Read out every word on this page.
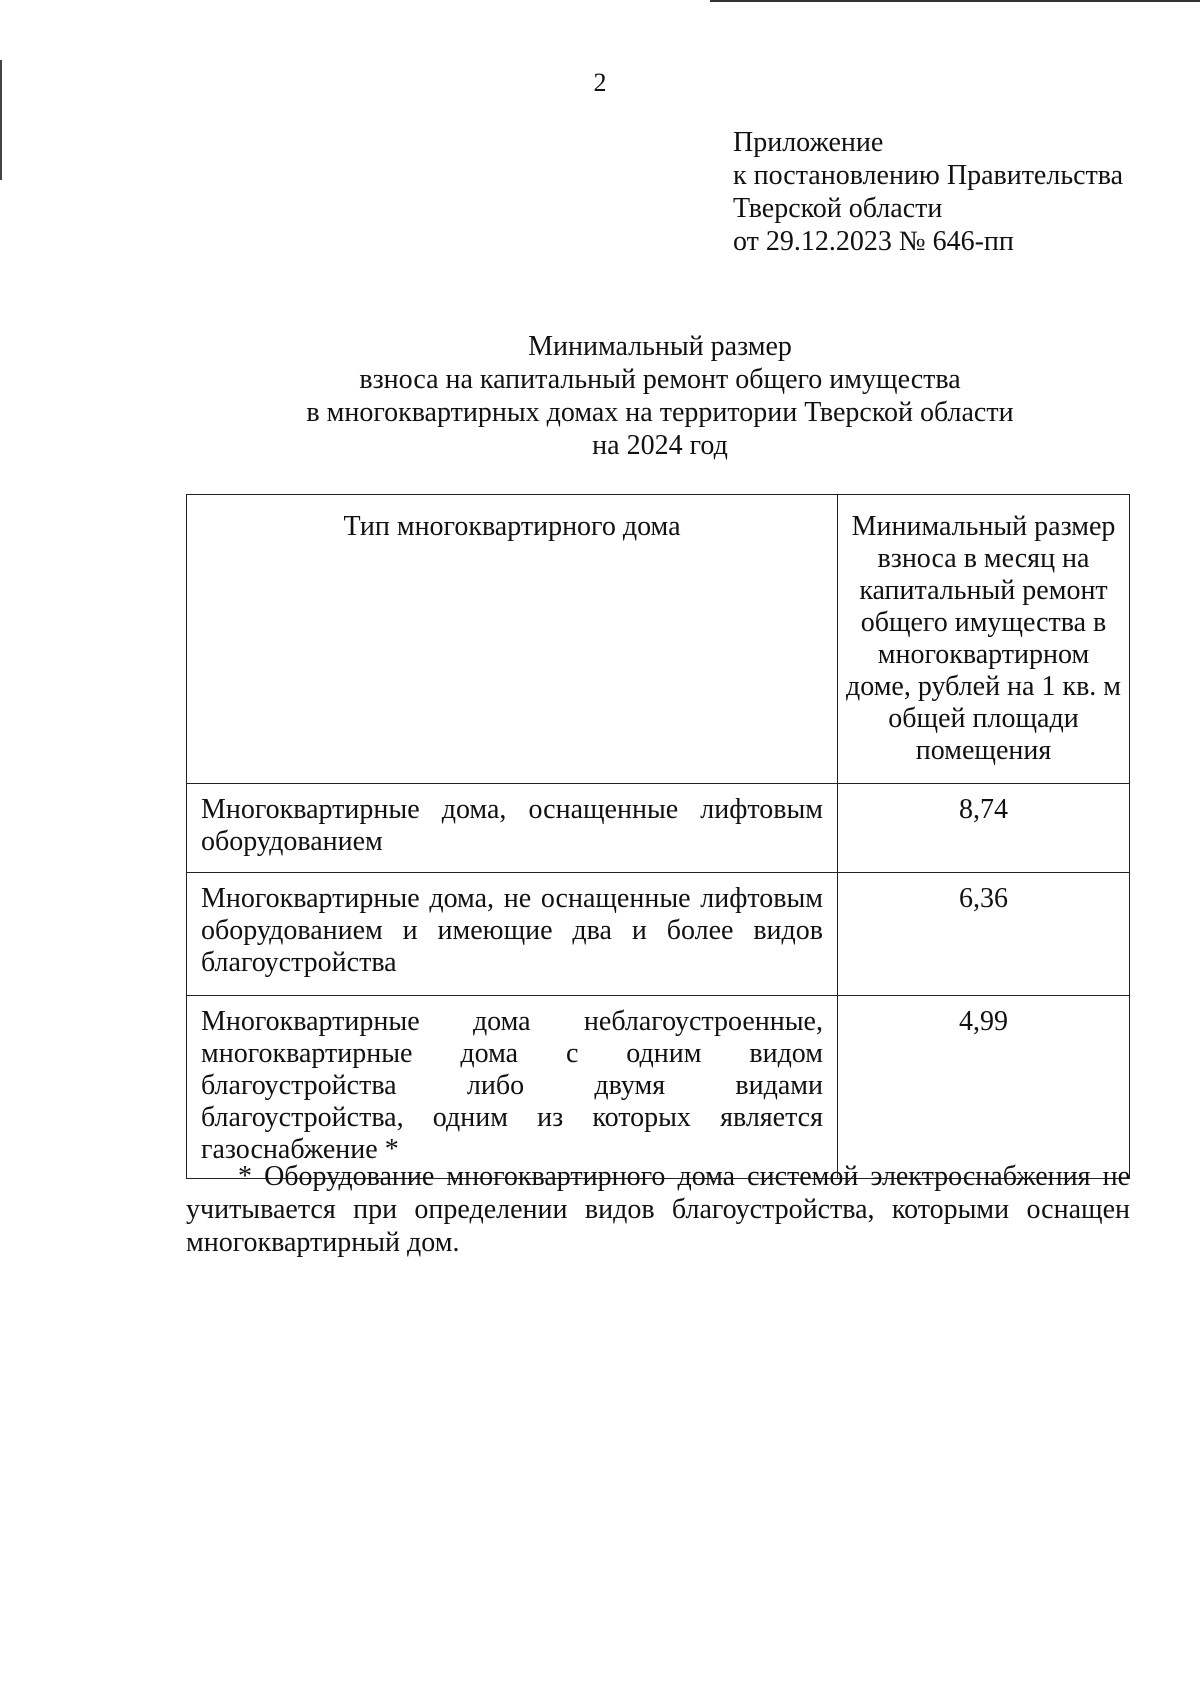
2
Приложение
к постановлению Правительства
Тверской области
от 29.12.2023 № 646-пп
Минимальный размер
взноса на капитальный ремонт общего имущества
в многоквартирных домах на территории Тверской области
на 2024 год
Тип многоквартирного дома	Минимальный размер взноса в месяц на капитальный ремонт общего имущества в многоквартирном доме, рублей на 1 кв. м общей площади помещения
Многоквартирные дома, оснащенные лифтовым оборудованием	8,74
Многоквартирные дома, не оснащенные лифтовым оборудованием и имеющие два и более видов благоустройства	6,36
Многоквартирные дома неблагоустроенные, многоквартирные дома с одним видом благоустройства либо двумя видами благоустройства, одним из которых является газоснабжение *	4,99
* Оборудование многоквартирного дома системой электроснабжения не учитывается при определении видов благоустройства, которыми оснащен многоквартирный дом.
